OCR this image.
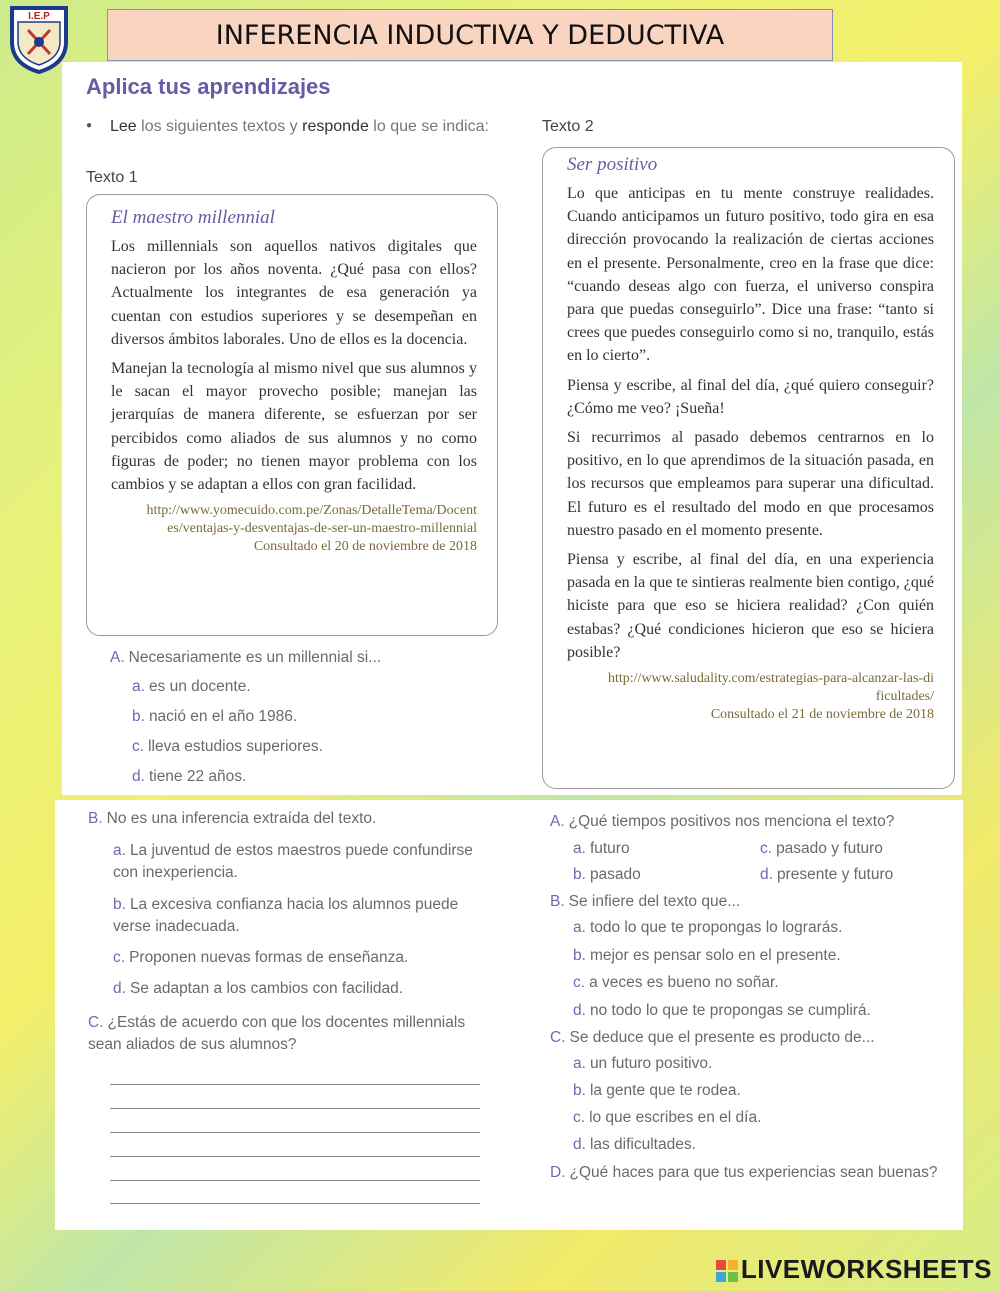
I.E.P
INFERENCIA INDUCTIVA Y DEDUCTIVA
Aplica tus aprendizajes
●	Lee los siguientes textos y responde lo que se indica:
Texto 1
Texto 2
El maestro millennial

Los millennials son aquellos nativos digitales que nacieron por los años noventa. ¿Qué pasa con ellos? Actualmente los integrantes de esa generación ya cuentan con estudios superiores y se desempeñan en diversos ámbitos laborales. Uno de ellos es la docencia.

Manejan la tecnología al mismo nivel que sus alumnos y le sacan el mayor provecho posible; manejan las jerarquías de manera diferente, se esfuerzan por ser percibidos como aliados de sus alumnos y no como figuras de poder; no tienen mayor problema con los cambios y se adaptan a ellos con gran facilidad.

http://www.yomecuido.com.pe/Zonas/DetalleTema/Docentes/ventajas-y-desventajas-de-ser-un-maestro-millennial
Consultado el 20 de noviembre de 2018
Ser positivo

Lo que anticipas en tu mente construye realidades. Cuando anticipamos un futuro positivo, todo gira en esa dirección provocando la realización de ciertas acciones en el presente. Personalmente, creo en la frase que dice: “cuando deseas algo con fuerza, el universo conspira para que puedas conseguirlo”. Dice una frase: “tanto si crees que puedes conseguirlo como si no, tranquilo, estás en lo cierto”.

Piensa y escribe, al final del día, ¿qué quiero conseguir? ¿Cómo me veo? ¡Sueña!

Si recurrimos al pasado debemos centrarnos en lo positivo, en lo que aprendimos de la situación pasada, en los recursos que empleamos para superar una dificultad. El futuro es el resultado del modo en que procesamos nuestro pasado en el momento presente.

Piensa y escribe, al final del día, en una experiencia pasada en la que te sintieras realmente bien contigo, ¿qué hiciste para que eso se hiciera realidad? ¿Con quién estabas? ¿Qué condiciones hicieron que eso se hiciera posible?

http://www.saludality.com/estrategias-para-alcanzar-las-dificultades/
Consultado el 21 de noviembre de 2018
A. Necesariamente es un millennial si...
a. es un docente.
b. nació en el año 1986.
c. lleva estudios superiores.
d. tiene 22 años.
B. No es una inferencia extraída del texto.
a. La juventud de estos maestros puede confundirse con inexperiencia.
b. La excesiva confianza hacia los alumnos puede verse inadecuada.
c. Proponen nuevas formas de enseñanza.
d. Se adaptan a los cambios con facilidad.
C. ¿Estás de acuerdo con que los docentes millennials sean aliados de sus alumnos?
A. ¿Qué tiempos positivos nos menciona el texto?
a. futuro	c. pasado y futuro
b. pasado	d. presente y futuro
B. Se infiere del texto que...
a. todo lo que te propongas lo lograrás.
b. mejor es pensar solo en el presente.
c. a veces es bueno no soñar.
d. no todo lo que te propongas se cumplirá.
C. Se deduce que el presente es producto de...
a. un futuro positivo.
b. la gente que te rodea.
c. lo que escribes en el día.
d. las dificultades.
D. ¿Qué haces para que tus experiencias sean buenas?
LIVEWORKSHEETS
